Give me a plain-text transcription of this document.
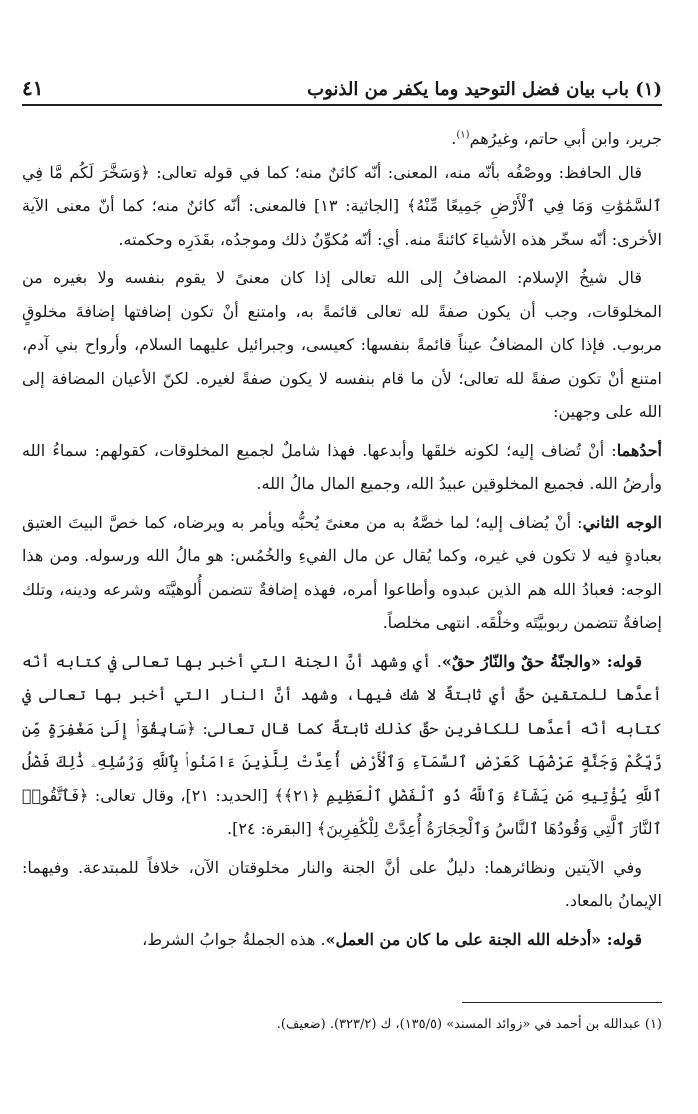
(١) باب بيان فضل التوحيد وما يكفر من الذنوب
٤١

جرير، وابن أبي حاتم، وغيرُهم$^{(١)}$.

قال الحافظ: ووصْفُه بأنّه منه، المعنى: أنّه كائنٌ منه؛ كما في قوله تعالى: ﴿وَسَخَّرَ لَكُم مَّا فِي ٱلسَّمَٰوَٰتِ وَمَا فِي ٱلْأَرْضِ جَمِيعًا مِّنْهُ﴾ [الجاثية: ١٣] فالمعنى: أنّه كائنٌ منه؛ كما أنّ معنى الآية الأخرى: أنّه سخّر هذه الأشياءَ كائنةً منه. أي: أنّه مُكوِّنُ ذلك وموجدُه، بقَدَرِه وحكمته.

قال شيخُ الإسلام: المضافُ إلى الله تعالى إذا كان معنىً لا يقوم بنفسه ولا بغيره من المخلوقات، وجب أن يكون صفةً لله تعالى قائمةً به، وامتنع أنْ تكون إضافتها إضافةَ مخلوقٍ مربوب. فإذا كان المضافُ عيناً قائمةً بنفسها: كعيسى، وجبرائيل عليهما السلام، وأرواح بني آدم، امتنع أنْ تكون صفةً لله تعالى؛ لأن ما قام بنفسه لا يكون صفةً لغيره. لكنّ الأعيان المضافة إلى الله على وجهين:

أحدُهما: أنْ تُضاف إليه؛ لكونه خلقَها وأبدعها. فهذا شاملٌ لجميع المخلوقات، كقولهم: سماءُ الله وأرضُ الله. فجميع المخلوقين عبيدُ الله، وجميع المال مالُ الله.

الوجه الثاني: أنْ يُضاف إليه؛ لما خصَّهُ به من معنىً يُحبُّه ويأمر به ويرضاه، كما خصَّ البيتَ العتيق بعبادةٍ فيه لا تكون في غيره، وكما يُقال عن مال الفيءِ والخُمُس: هو مالُ الله ورسوله. ومن هذا الوجه: فعبادُ الله هم الذين عبدوه وأطاعوا أمره، فهذه إضافةٌ تتضمن أُلوهيَّتَه وشرعه ودينه، وتلك إضافةٌ تتضمن ربوبيَّتَه وخلْقَه. انتهى مخلصاً.

قوله: «والجنّةُ حقٌ والنّارُ حقٌ». أي وشهد أنَّ الجنة التي أخبر بها تعالى في كتابه أنّه أعدَّها للمتقين حقٌ أي ثابتةٌ لا شك فيها، وشهد أنَّ النار التي أخبر بها تعالى في كتابه أنّه أعدَّها للكافرين حقٌ كذلك ثابتةٌ كما قال تعالى: ﴿سَابِقُوٓا۟ إِلَىٰ مَغْفِرَةٍ مِّن رَّبِّكُمْ وَجَنَّةٍ عَرْضُهَا كَعَرْضِ ٱلسَّمَآءِ وَٱلْأَرْضِ أُعِدَّتْ لِلَّذِينَ ءَامَنُوا۟ بِٱللَّهِ وَرُسُلِهِۦ ذَٰلِكَ فَضْلُ ٱللَّهِ يُؤْتِيهِ مَن يَشَآءُ وَٱللَّهُ ذُو ٱلْفَضْلِ ٱلْعَظِيمِ ﴿٢١﴾﴾ [الحديد: ٢١]، وقال تعالى: ﴿فَٱتَّقُوا۟ ٱلنَّارَ ٱلَّتِي وَقُودُهَا ٱلنَّاسُ وَٱلْحِجَارَةُ أُعِدَّتْ لِلْكَٰفِرِينَ﴾ [البقرة: ٢٤].

وفي الآيتين ونظائرهما: دليلٌ على أنَّ الجنة والنار مخلوقتان الآن، خلافاً للمبتدعة. وفيهما: الإيمانُ بالمعاد.

قوله: «أدخله الله الجنة على ما كان من العمل». هذه الجملةُ جوابُ الشرط،

(١) عبدالله بن أحمد في «زوائد المسند» (١٣٥/٥)، ك (٣٢٣/٢). (ضعيف).
